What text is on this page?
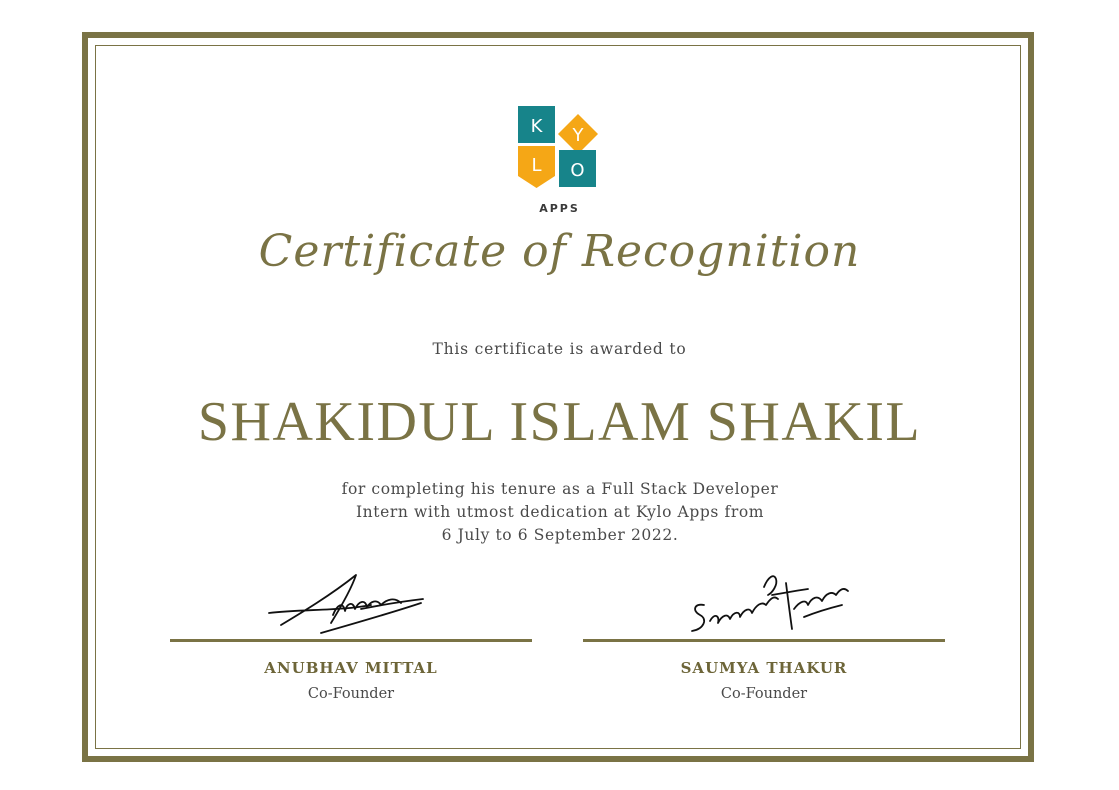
K Y
L O
APPS
Certificate of Recognition
This certificate is awarded to
SHAKIDUL ISLAM SHAKIL
for completing his tenure as a Full Stack Developer
Intern with utmost dedication at Kylo Apps from
6 July to 6 September 2022.
ANUBHAV MITTAL
Co-Founder
SAUMYA THAKUR
Co-Founder
